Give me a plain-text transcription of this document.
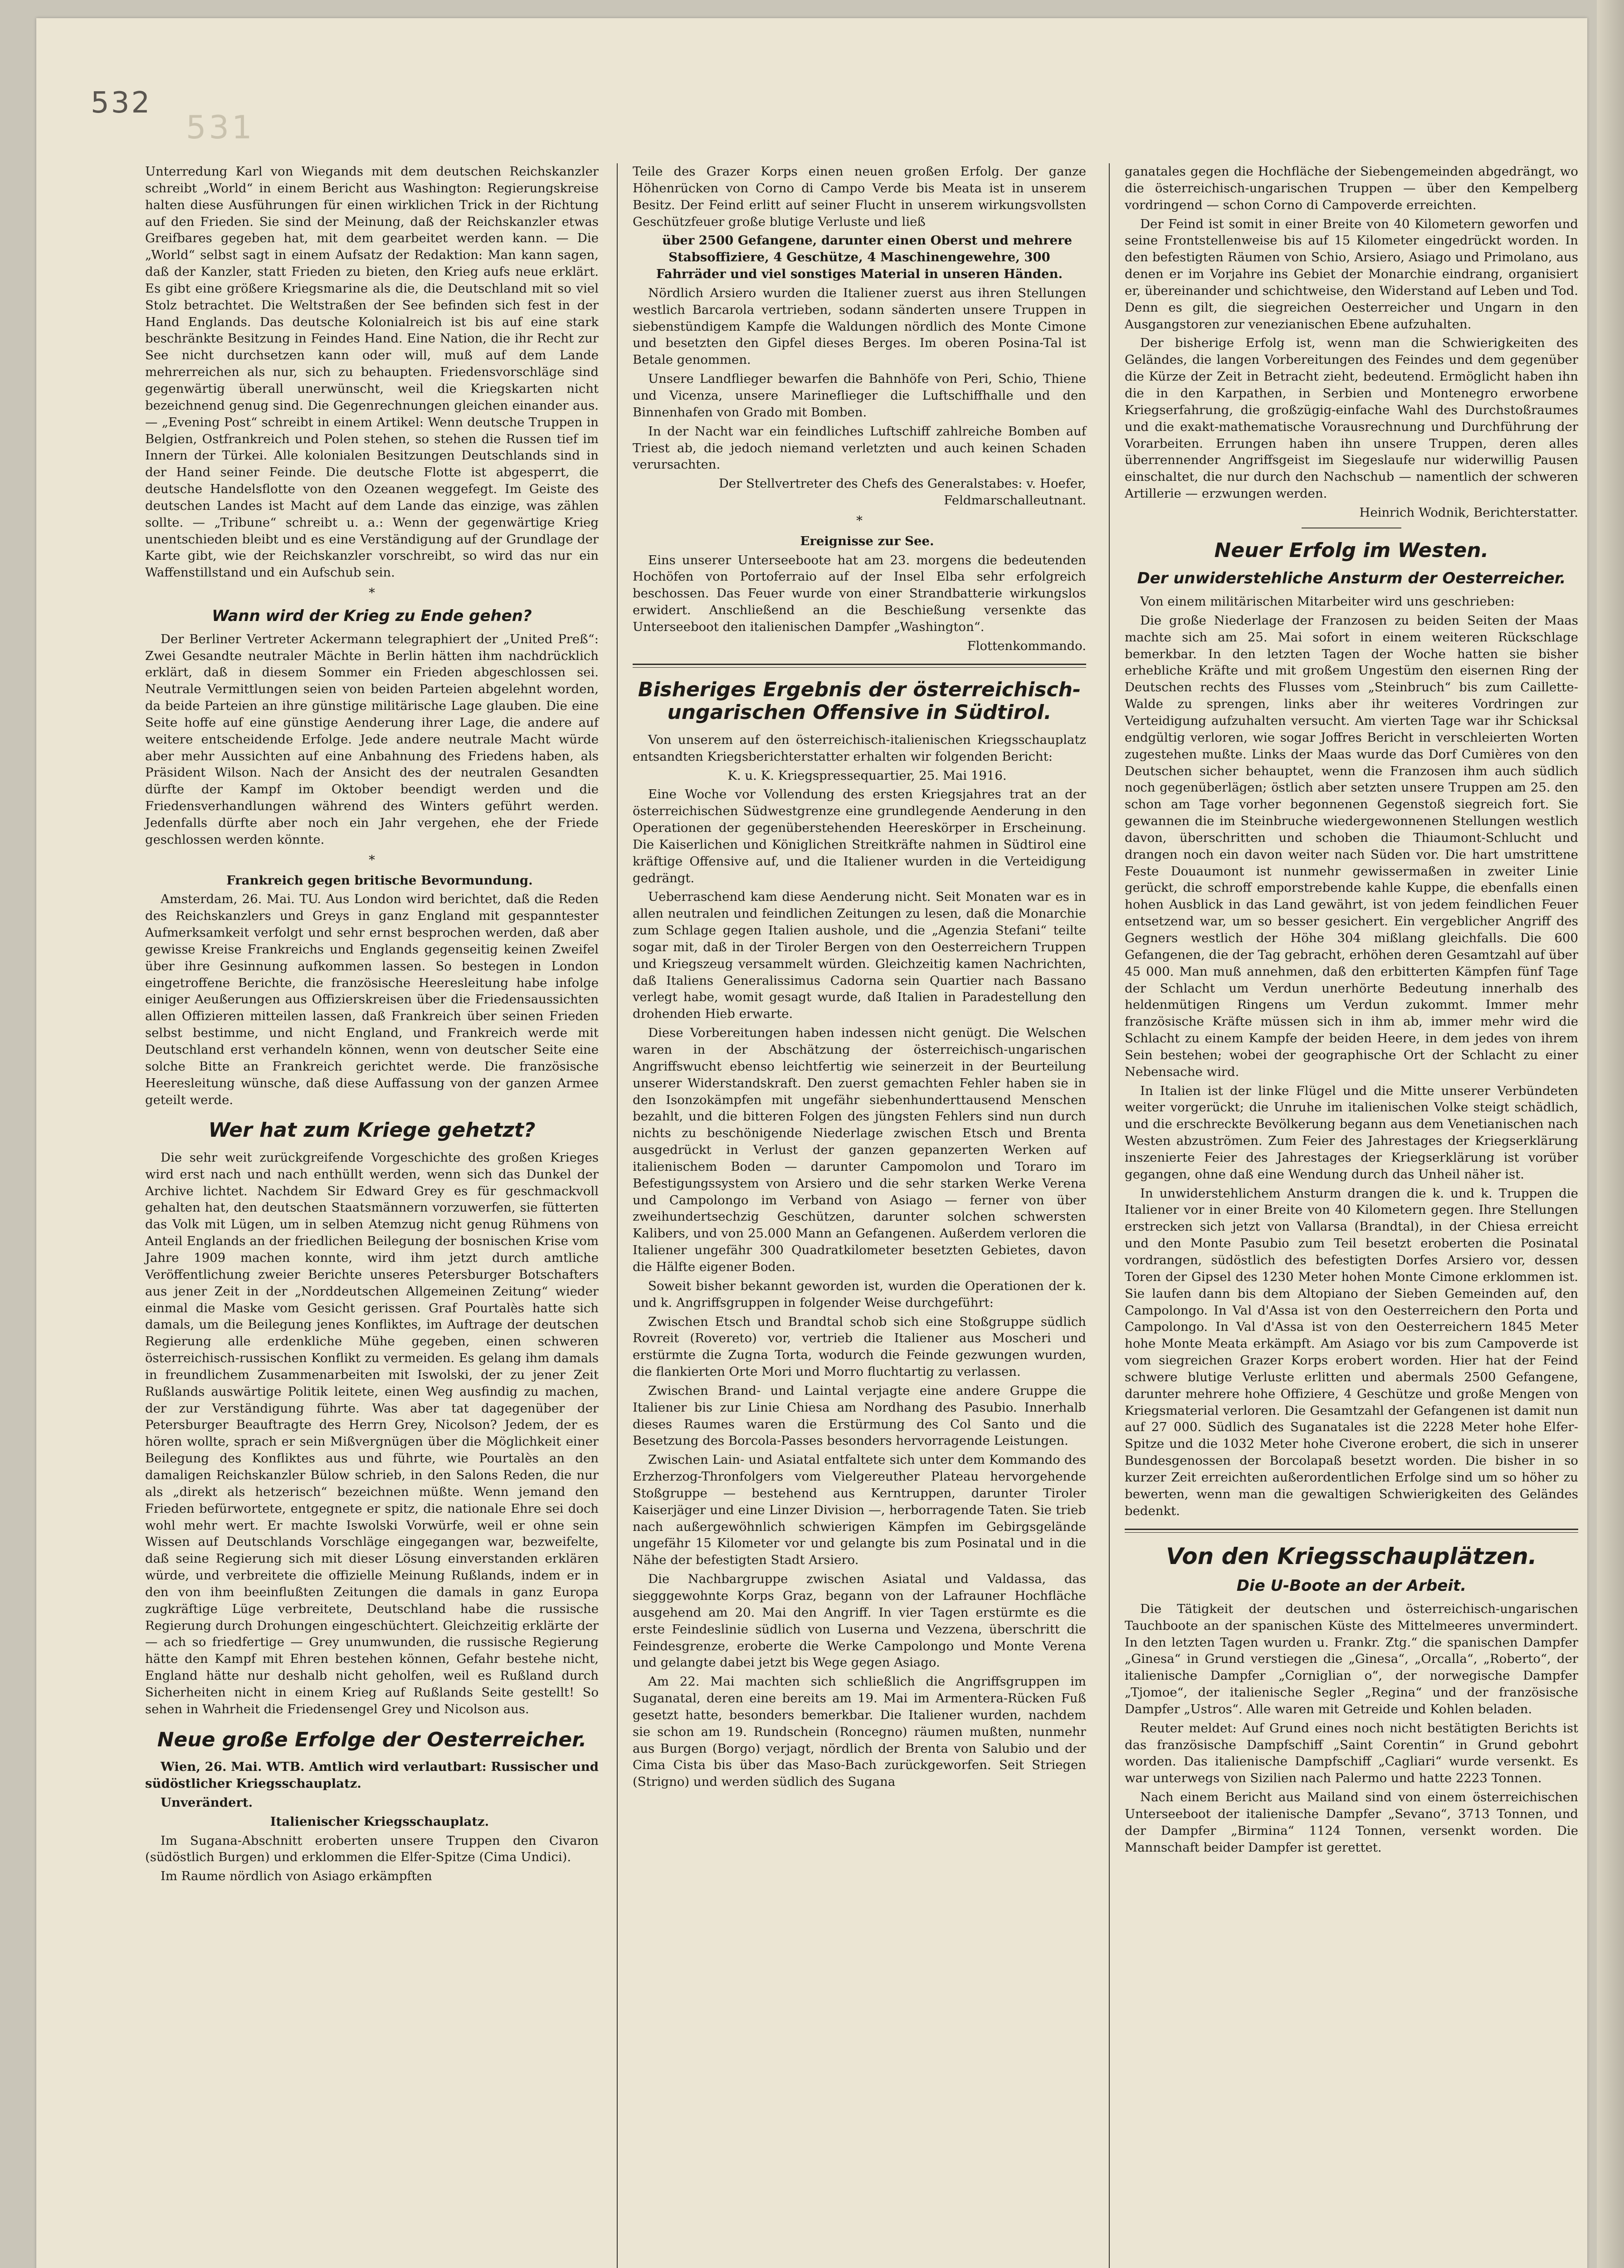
532
531

Unterredung Karl von Wiegands mit dem deutschen Reichskanzler schreibt „World“ in einem Bericht aus Washington: Regierungskreise halten diese Ausführungen für einen wirklichen Trick in der Richtung auf den Frieden. Sie sind der Meinung, daß der Reichskanzler etwas Greifbares gegeben hat, mit dem gearbeitet werden kann. — Die „World“ selbst sagt in einem Aufsatz der Redaktion: Man kann sagen, daß der Kanzler, statt Frieden zu bieten, den Krieg aufs neue erklärt. Es gibt eine größere Kriegsmarine als die, die Deutschland mit so viel Stolz betrachtet. Die Weltstraßen der See befinden sich fest in der Hand Englands. Das deutsche Kolonialreich ist bis auf eine stark beschränkte Besitzung in Feindes Hand. Eine Nation, die ihr Recht zur See nicht durchsetzen kann oder will, muß auf dem Lande mehrerreichen als nur, sich zu behaupten. Friedensvorschläge sind gegenwärtig überall unerwünscht, weil die Kriegskarten nicht bezeichnend genug sind. Die Gegenrechnungen gleichen einander aus. — „Evening Post“ schreibt in einem Artikel: Wenn deutsche Truppen in Belgien, Ostfrankreich und Polen stehen, so stehen die Russen tief im Innern der Türkei. Alle kolonialen Besitzungen Deutschlands sind in der Hand seiner Feinde. Die deutsche Flotte ist abgesperrt, die deutsche Handelsflotte von den Ozeanen weggefegt. Im Geiste des deutschen Landes ist Macht auf dem Lande das einzige, was zählen sollte. — „Tribune“ schreibt u. a.: Wenn der gegenwärtige Krieg unentschieden bleibt und es eine Verständigung auf der Grundlage der Karte gibt, wie der Reichskanzler vorschreibt, so wird das nur ein Waffenstillstand und ein Aufschub sein.

*
Wann wird der Krieg zu Ende gehen?

Der Berliner Vertreter Ackermann telegraphiert der „United Preß“: Zwei Gesandte neutraler Mächte in Berlin hätten ihm nachdrücklich erklärt, daß in diesem Sommer ein Frieden abgeschlossen sei. Neutrale Vermittlungen seien von beiden Parteien abgelehnt worden, da beide Parteien an ihre günstige militärische Lage glauben. Die eine Seite hoffe auf eine günstige Aenderung ihrer Lage, die andere auf weitere entscheidende Erfolge. Jede andere neutrale Macht würde aber mehr Aussichten auf eine Anbahnung des Friedens haben, als Präsident Wilson. Nach der Ansicht des der neutralen Gesandten dürfte der Kampf im Oktober beendigt werden und die Friedensverhandlungen während des Winters geführt werden. Jedenfalls dürfte aber noch ein Jahr vergehen, ehe der Friede geschlossen werden könnte.

*

Frankreich gegen britische Bevormundung.

Amsterdam, 26. Mai. TU. Aus London wird berichtet, daß die Reden des Reichskanzlers und Greys in ganz England mit gespanntester Aufmerksamkeit verfolgt und sehr ernst besprochen werden, daß aber gewisse Kreise Frankreichs und Englands gegenseitig keinen Zweifel über ihre Gesinnung aufkommen lassen. So bestegen in London eingetroffene Berichte, die französische Heeresleitung habe infolge einiger Aeußerungen aus Offizierskreisen über die Friedensaussichten allen Offizieren mitteilen lassen, daß Frankreich über seinen Frieden selbst bestimme, und nicht England, und Frankreich werde mit Deutschland erst verhandeln können, wenn von deutscher Seite eine solche Bitte an Frankreich gerichtet werde. Die französische Heeresleitung wünsche, daß diese Auffassung von der ganzen Armee geteilt werde.

Wer hat zum Kriege gehetzt?

Die sehr weit zurückgreifende Vorgeschichte des großen Krieges wird erst nach und nach enthüllt werden, wenn sich das Dunkel der Archive lichtet. Nachdem Sir Edward Grey es für geschmackvoll gehalten hat, den deutschen Staatsmännern vorzuwerfen, sie fütterten das Volk mit Lügen, um in selben Atemzug nicht genug Rühmens von Anteil Englands an der friedlichen Beilegung der bosnischen Krise vom Jahre 1909 machen konnte, wird ihm jetzt durch amtliche Veröffentlichung zweier Berichte unseres Petersburger Botschafters aus jener Zeit in der „Norddeutschen Allgemeinen Zeitung“ wieder einmal die Maske vom Gesicht gerissen. Graf Pourtalès hatte sich damals, um die Beilegung jenes Konfliktes, im Auftrage der deutschen Regierung alle erdenkliche Mühe gegeben, einen schweren österreichisch-russischen Konflikt zu vermeiden. Es gelang ihm damals in freundlichem Zusammenarbeiten mit Iswolski, der zu jener Zeit Rußlands auswärtige Politik leitete, einen Weg ausfindig zu machen, der zur Verständigung führte. Was aber tat dagegenüber der Petersburger Beauftragte des Herrn Grey, Nicolson? Jedem, der es hören wollte, sprach er sein Mißvergnügen über die Möglichkeit einer Beilegung des Konfliktes aus und führte, wie Pourtalès an den damaligen Reichskanzler Bülow schrieb, in den Salons Reden, die nur als „direkt als hetzerisch“ bezeichnen müßte. Wenn jemand den Frieden befürwortete, entgegnete er spitz, die nationale Ehre sei doch wohl mehr wert. Er machte Iswolski Vorwürfe, weil er ohne sein Wissen auf Deutschlands Vorschläge eingegangen war, bezweifelte, daß seine Regierung sich mit dieser Lösung einverstanden erklären würde, und verbreitete die offizielle Meinung Rußlands, indem er in den von ihm beeinflußten Zeitungen die damals in ganz Europa zugkräftige Lüge verbreitete, Deutschland habe die russische Regierung durch Drohungen eingeschüchtert. Gleichzeitig erklärte der — ach so friedfertige — Grey unumwunden, die russische Regierung hätte den Kampf mit Ehren bestehen können, Gefahr bestehe nicht, England hätte nur deshalb nicht geholfen, weil es Rußland durch Sicherheiten nicht in einem Krieg auf Rußlands Seite gestellt! So sehen in Wahrheit die Friedensengel Grey und Nicolson aus.

Neue große Erfolge der Oesterreicher.

Wien, 26. Mai. WTB. Amtlich wird verlautbart: Russischer und südöstlicher Kriegsschauplatz.

Unverändert.

Italienischer Kriegsschauplatz.

Im Sugana-Abschnitt eroberten unsere Truppen den Civaron (südöstlich Burgen) und erklommen die Elfer-Spitze (Cima Undici).

Im Raume nördlich von Asiago erkämpften

Teile des Grazer Korps einen neuen großen Erfolg. Der ganze Höhenrücken von Corno di Campo Verde bis Meata ist in unserem Besitz. Der Feind erlitt auf seiner Flucht in unserem wirkungsvollsten Geschützfeuer große blutige Verluste und ließ

über 2500 Gefangene, darunter einen Oberst und mehrere Stabsoffiziere, 4 Geschütze, 4 Maschinengewehre, 300 Fahrräder und viel sonstiges Material in unseren Händen.

Nördlich Arsiero wurden die Italiener zuerst aus ihren Stellungen westlich Barcarola vertrieben, sodann sänderten unsere Truppen in siebenstündigem Kampfe die Waldungen nördlich des Monte Cimone und besetzten den Gipfel dieses Berges. Im oberen Posina-Tal ist Betale genommen.

Unsere Landflieger bewarfen die Bahnhöfe von Peri, Schio, Thiene und Vicenza, unsere Marineflieger die Luftschiffhalle und den Binnenhafen von Grado mit Bomben.

In der Nacht war ein feindliches Luftschiff zahlreiche Bomben auf Triest ab, die jedoch niemand verletzten und auch keinen Schaden verursachten.

Der Stellvertreter des Chefs des Generalstabes: v. Hoefer, Feldmarschalleutnant.

*

Ereignisse zur See.

Eins unserer Unterseeboote hat am 23. morgens die bedeutenden Hochöfen von Portoferraio auf der Insel Elba sehr erfolgreich beschossen. Das Feuer wurde von einer Strandbatterie wirkungslos erwidert. Anschließend an die Beschießung versenkte das Unterseeboot den italienischen Dampfer „Washington“.

Flottenkommando.

Bisheriges Ergebnis der österreichisch-ungarischen Offensive in Südtirol.

Von unserem auf den österreichisch-italienischen Kriegsschauplatz entsandten Kriegsberichterstatter erhalten wir folgenden Bericht:

K. u. K. Kriegspressequartier, 25. Mai 1916.

Eine Woche vor Vollendung des ersten Kriegsjahres trat an der österreichischen Südwestgrenze eine grundlegende Aenderung in den Operationen der gegenüberstehenden Heereskörper in Erscheinung. Die Kaiserlichen und Königlichen Streitkräfte nahmen in Südtirol eine kräftige Offensive auf, und die Italiener wurden in die Verteidigung gedrängt.

Ueberraschend kam diese Aenderung nicht. Seit Monaten war es in allen neutralen und feindlichen Zeitungen zu lesen, daß die Monarchie zum Schlage gegen Italien aushole, und die „Agenzia Stefani“ teilte sogar mit, daß in der Tiroler Bergen von den Oesterreichern Truppen und Kriegszeug versammelt würden. Gleichzeitig kamen Nachrichten, daß Italiens Generalissimus Cadorna sein Quartier nach Bassano verlegt habe, womit gesagt wurde, daß Italien in Paradestellung den drohenden Hieb erwarte.

Diese Vorbereitungen haben indessen nicht genügt. Die Welschen waren in der Abschätzung der österreichisch-ungarischen Angriffswucht ebenso leichtfertig wie seinerzeit in der Beurteilung unserer Widerstandskraft. Den zuerst gemachten Fehler haben sie in den Isonzokämpfen mit ungefähr siebenhunderttausend Menschen bezahlt, und die bitteren Folgen des jüngsten Fehlers sind nun durch nichts zu beschönigende Niederlage zwischen Etsch und Brenta ausgedrückt in Verlust der ganzen gepanzerten Werken auf italienischem Boden — darunter Campomolon und Toraro im Befestigungssystem von Arsiero und die sehr starken Werke Verena und Campolongo im Verband von Asiago — ferner von über zweihundertsechzig Geschützen, darunter solchen schwersten Kalibers, und von 25.000 Mann an Gefangenen. Außerdem verloren die Italiener ungefähr 300 Quadratkilometer besetzten Gebietes, davon die Hälfte eigener Boden.

Soweit bisher bekannt geworden ist, wurden die Operationen der k. und k. Angriffsgruppen in folgender Weise durchgeführt:

Zwischen Etsch und Brandtal schob sich eine Stoßgruppe südlich Rovreit (Rovereto) vor, vertrieb die Italiener aus Moscheri und erstürmte die Zugna Torta, wodurch die Feinde gezwungen wurden, die flankierten Orte Mori und Morro fluchtartig zu verlassen.

Zwischen Brand- und Laintal verjagte eine andere Gruppe die Italiener bis zur Linie Chiesa am Nordhang des Pasubio. Innerhalb dieses Raumes waren die Erstürmung des Col Santo und die Besetzung des Borcola-Passes besonders hervorragende Leistungen.

Zwischen Lain- und Asiatal entfaltete sich unter dem Kommando des Erzherzog-Thronfolgers vom Vielgereuther Plateau hervorgehende Stoßgruppe — bestehend aus Kerntruppen, darunter Tiroler Kaiserjäger und eine Linzer Division —, herborragende Taten. Sie trieb nach außergewöhnlich schwierigen Kämpfen im Gebirgsgelände ungefähr 15 Kilometer vor und gelangte bis zum Posinatal und in die Nähe der befestigten Stadt Arsiero.

Die Nachbargruppe zwischen Asiatal und Valdassa, das siegggewohnte Korps Graz, begann von der Lafrauner Hochfläche ausgehend am 20. Mai den Angriff. In vier Tagen erstürmte es die erste Feindeslinie südlich von Luserna und Vezzena, überschritt die Feindesgrenze, eroberte die Werke Campolongo und Monte Verena und gelangte dabei jetzt bis Wege gegen Asiago.

Am 22. Mai machten sich schließlich die Angriffsgruppen im Suganatal, deren eine bereits am 19. Mai im Armentera-Rücken Fuß gesetzt hatte, besonders bemerkbar. Die Italiener wurden, nachdem sie schon am 19. Rundschein (Roncegno) räumen mußten, nunmehr aus Burgen (Borgo) verjagt, nördlich der Brenta von Salubio und der Cima Cista bis über das Maso-Bach zurückgeworfen. Seit Striegen (Strigno) und werden südlich des Sugana

ganatales gegen die Hochfläche der Siebengemeinden abgedrängt, wo die österreichisch-ungarischen Truppen — über den Kempelberg vordringend — schon Corno di Campoverde erreichten.

Der Feind ist somit in einer Breite von 40 Kilometern geworfen und seine Frontstellenweise bis auf 15 Kilometer eingedrückt worden. In den befestigten Räumen von Schio, Arsiero, Asiago und Primolano, aus denen er im Vorjahre ins Gebiet der Monarchie eindrang, organisiert er, übereinander und schichtweise, den Widerstand auf Leben und Tod. Denn es gilt, die siegreichen Oesterreicher und Ungarn in den Ausgangstoren zur venezianischen Ebene aufzuhalten.

Der bisherige Erfolg ist, wenn man die Schwierigkeiten des Geländes, die langen Vorbereitungen des Feindes und dem gegenüber die Kürze der Zeit in Betracht zieht, bedeutend. Ermöglicht haben ihn die in den Karpathen, in Serbien und Montenegro erworbene Kriegserfahrung, die großzügig-einfache Wahl des Durchstoßraumes und die exakt-mathematische Vorausrechnung und Durchführung der Vorarbeiten. Errungen haben ihn unsere Truppen, deren alles überrennender Angriffsgeist im Siegeslaufe nur widerwillig Pausen einschaltet, die nur durch den Nachschub — namentlich der schweren Artillerie — erzwungen werden.

Heinrich Wodnik, Berichterstatter.

Neuer Erfolg im Westen.
Der unwiderstehliche Ansturm der Oesterreicher.

Von einem militärischen Mitarbeiter wird uns geschrieben:

Die große Niederlage der Franzosen zu beiden Seiten der Maas machte sich am 25. Mai sofort in einem weiteren Rückschlage bemerkbar. In den letzten Tagen der Woche hatten sie bisher erhebliche Kräfte und mit großem Ungestüm den eisernen Ring der Deutschen rechts des Flusses vom „Steinbruch“ bis zum Caillette-Walde zu sprengen, links aber ihr weiteres Vordringen zur Verteidigung aufzuhalten versucht. Am vierten Tage war ihr Schicksal endgültig verloren, wie sogar Joffres Bericht in verschleierten Worten zugestehen mußte. Links der Maas wurde das Dorf Cumières von den Deutschen sicher behauptet, wenn die Franzosen ihm auch südlich noch gegenüberlägen; östlich aber setzten unsere Truppen am 25. den schon am Tage vorher begonnenen Gegenstoß siegreich fort. Sie gewannen die im Steinbruche wiedergewonnenen Stellungen westlich davon, überschritten und schoben die Thiaumont-Schlucht und drangen noch ein davon weiter nach Süden vor. Die hart umstrittene Feste Douaumont ist nunmehr gewissermaßen in zweiter Linie gerückt, die schroff emporstrebende kahle Kuppe, die ebenfalls einen hohen Ausblick in das Land gewährt, ist von jedem feindlichen Feuer entsetzend war, um so besser gesichert. Ein vergeblicher Angriff des Gegners westlich der Höhe 304 mißlang gleichfalls. Die 600 Gefangenen, die der Tag gebracht, erhöhen deren Gesamtzahl auf über 45 000. Man muß annehmen, daß den erbitterten Kämpfen fünf Tage der Schlacht um Verdun unerhörte Bedeutung innerhalb des heldenmütigen Ringens um Verdun zukommt. Immer mehr französische Kräfte müssen sich in ihm ab, immer mehr wird die Schlacht zu einem Kampfe der beiden Heere, in dem jedes von ihrem Sein bestehen; wobei der geographische Ort der Schlacht zu einer Nebensache wird.

In Italien ist der linke Flügel und die Mitte unserer Verbündeten weiter vorgerückt; die Unruhe im italienischen Volke steigt schädlich, und die erschreckte Bevölkerung begann aus dem Venetianischen nach Westen abzuströmen. Zum Feier des Jahrestages der Kriegserklärung inszenierte Feier des Jahrestages der Kriegserklärung ist vorüber gegangen, ohne daß eine Wendung durch das Unheil näher ist.

In unwiderstehlichem Ansturm drangen die k. und k. Truppen die Italiener vor in einer Breite von 40 Kilometern gegen. Ihre Stellungen erstrecken sich jetzt von Vallarsa (Brandtal), in der Chiesa erreicht und den Monte Pasubio zum Teil besetzt eroberten die Posinatal vordrangen, südöstlich des befestigten Dorfes Arsiero vor, dessen Toren der Gipsel des 1230 Meter hohen Monte Cimone erklommen ist. Sie laufen dann bis dem Altopiano der Sieben Gemeinden auf, den Campolongo. In Val d'Assa ist von den Oesterreichern den Porta und Campolongo. In Val d'Assa ist von den Oesterreichern 1845 Meter hohe Monte Meata erkämpft. Am Asiago vor bis zum Campoverde ist vom siegreichen Grazer Korps erobert worden. Hier hat der Feind schwere blutige Verluste erlitten und abermals 2500 Gefangene, darunter mehrere hohe Offiziere, 4 Geschütze und große Mengen von Kriegsmaterial verloren. Die Gesamtzahl der Gefangenen ist damit nun auf 27 000. Südlich des Suganatales ist die 2228 Meter hohe Elfer-Spitze und die 1032 Meter hohe Civerone erobert, die sich in unserer Bundesgenossen der Borcolapaß besetzt worden. Die bisher in so kurzer Zeit erreichten außerordentlichen Erfolge sind um so höher zu bewerten, wenn man die gewaltigen Schwierigkeiten des Geländes bedenkt.

Von den Kriegsschauplätzen.
Die U-Boote an der Arbeit.

Die Tätigkeit der deutschen und österreichisch-ungarischen Tauchboote an der spanischen Küste des Mittelmeeres unvermindert. In den letzten Tagen wurden u. Frankr. Ztg.“ die spanischen Dampfer „Ginesa“ in Grund verstiegen die „Ginesa“, „Orcalla“, „Roberto“, der italienische Dampfer „Corniglian o“, der norwegische Dampfer „Tjomoe“, der italienische Segler „Regina“ und der französische Dampfer „Ustros“. Alle waren mit Getreide und Kohlen beladen.

Reuter meldet: Auf Grund eines noch nicht bestätigten Berichts ist das französische Dampfschiff „Saint Corentin“ in Grund gebohrt worden. Das italienische Dampfschiff „Cagliari“ wurde versenkt. Es war unterwegs von Sizilien nach Palermo und hatte 2223 Tonnen.

Nach einem Bericht aus Mailand sind von einem österreichischen Unterseeboot der italienische Dampfer „Sevano“, 3713 Tonnen, und der Dampfer „Birmina“ 1124 Tonnen, versenkt worden. Die Mannschaft beider Dampfer ist gerettet.
